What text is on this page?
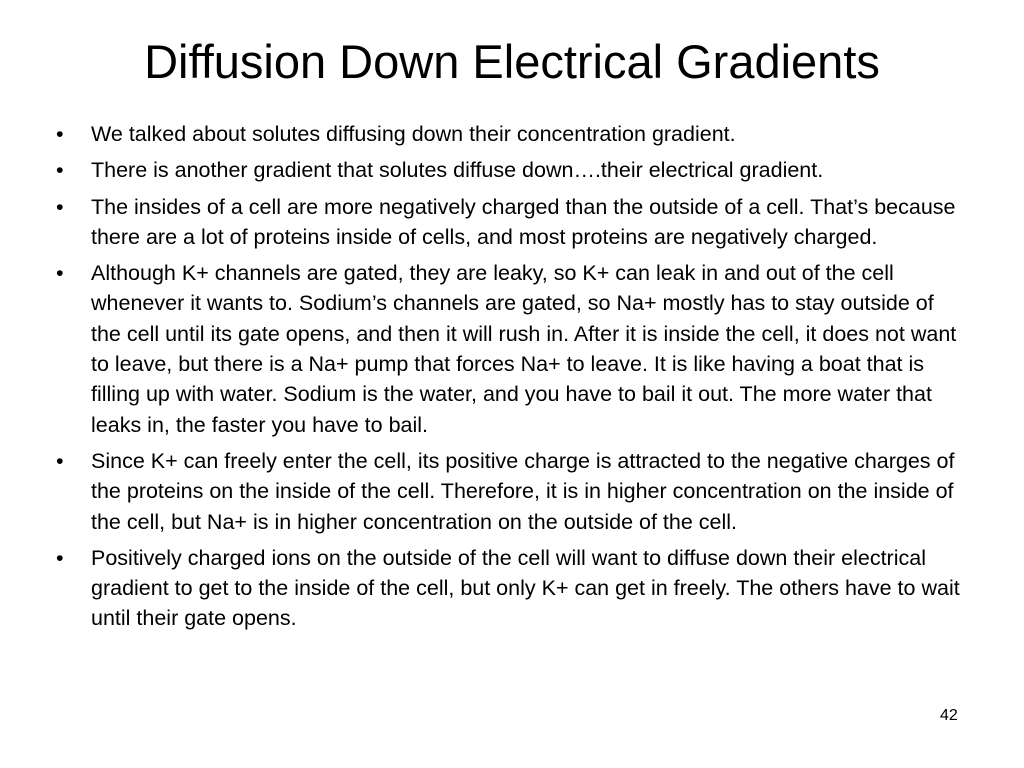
Diffusion Down Electrical Gradients
•	We talked about solutes diffusing down their concentration gradient.
•	There is another gradient that solutes diffuse down….their electrical gradient.
•	The insides of a cell are more negatively charged than the outside of a cell. That’s because there are a lot of proteins inside of cells, and most proteins are negatively charged.
•	Although K+ channels are gated, they are leaky, so K+ can leak in and out of the cell whenever it wants to. Sodium’s channels are gated, so Na+ mostly has to stay outside of the cell until its gate opens, and then it will rush in. After it is inside the cell, it does not want to leave, but there is a Na+ pump that forces Na+ to leave. It is like having a boat that is filling up with water. Sodium is the water, and you have to bail it out. The more water that leaks in, the faster you have to bail.
•	Since K+ can freely enter the cell, its positive charge is attracted to the negative charges of the proteins on the inside of the cell. Therefore, it is in higher concentration on the inside of the cell, but Na+ is in higher concentration on the outside of the cell.
•	Positively charged ions on the outside of the cell will want to diffuse down their electrical gradient to get to the inside of the cell, but only K+ can get in freely. The others have to wait until their gate opens.
42
